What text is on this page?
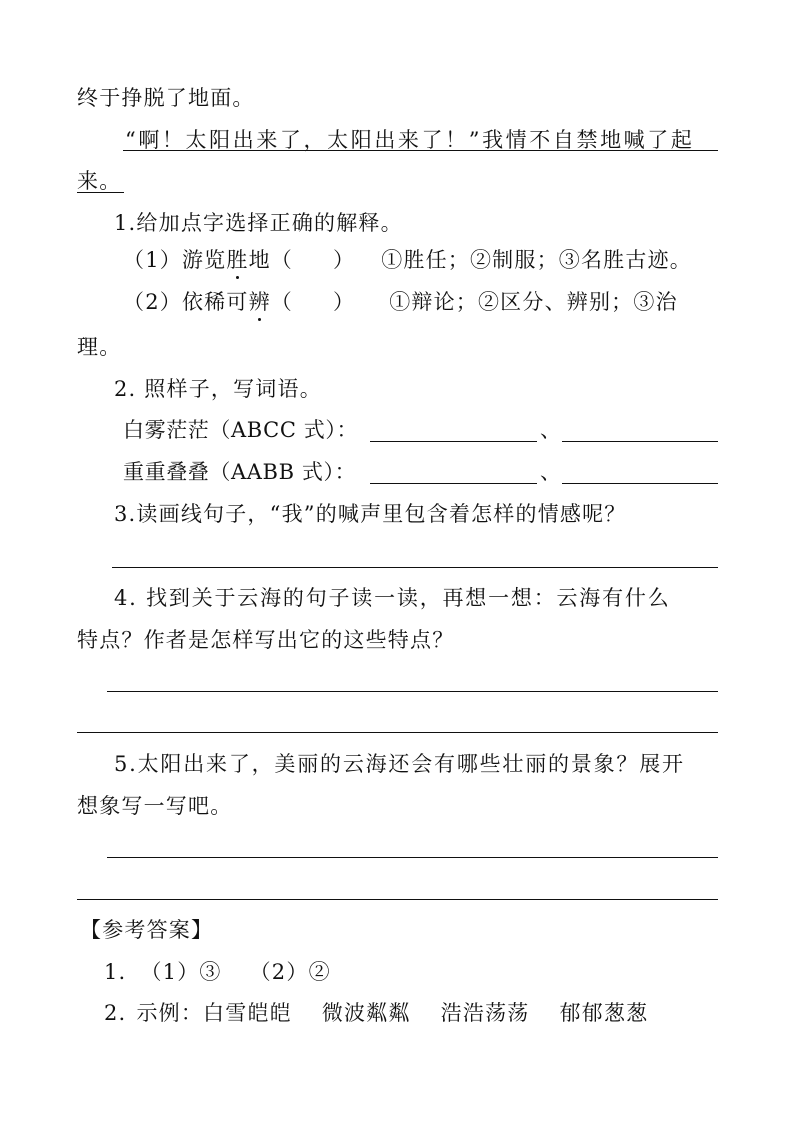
终于挣脱了地面。
“啊！太阳出来了，太阳出来了！”我情不自禁地喊了起
来。
1.给加点字选择正确的解释。
（1）游览胜地（ ） ①胜任；②制服；③名胜古迹。
（2）依稀可辨（ ） ①辩论；②区分、辨别；③治
理。
2. 照样子，写词语。
白雾茫茫（ABCC 式）：	、
重重叠叠（AABB 式）：	、
3.读画线句子，“我”的喊声里包含着怎样的情感呢？
4. 找到关于云海的句子读一读，再想一想：云海有什么
特点？作者是怎样写出它的这些特点？
5.太阳出来了，美丽的云海还会有哪些壮丽的景象？展开
想象写一写吧。
【参考答案】
1. （1）③ （2）②
2. 示例：白雪皑皑 微波粼粼 浩浩荡荡 郁郁葱葱
